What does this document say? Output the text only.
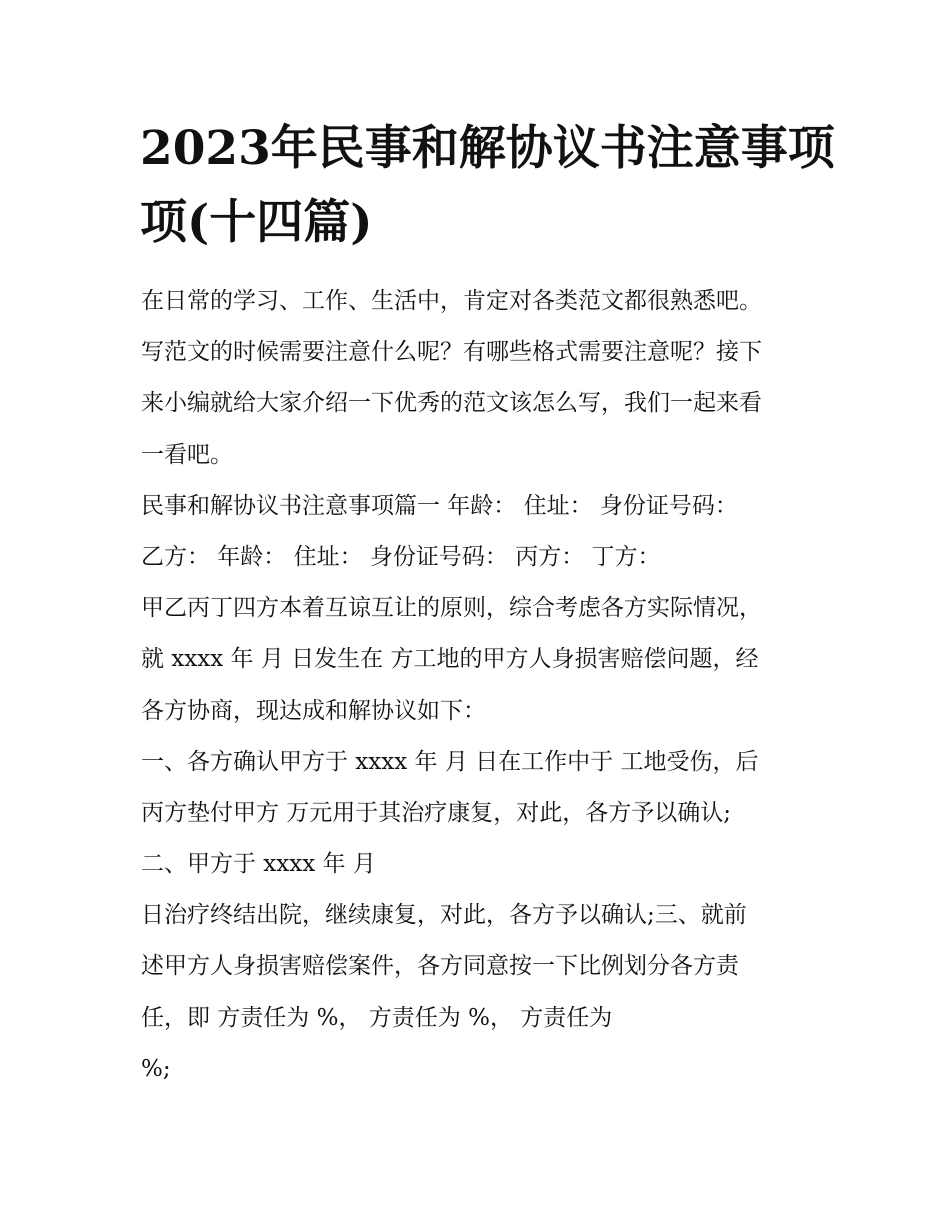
2023年民事和解协议书注意事项
项(十四篇)
在日常的学习、工作、生活中，肯定对各类范文都很熟悉吧。
写范文的时候需要注意什么呢？有哪些格式需要注意呢？接下
来小编就给大家介绍一下优秀的范文该怎么写，我们一起来看
一看吧。
民事和解协议书注意事项篇一 年龄： 住址： 身份证号码：
乙方： 年龄： 住址： 身份证号码： 丙方： 丁方：
甲乙丙丁四方本着互谅互让的原则，综合考虑各方实际情况，
就 xxxx 年 月 日发生在 方工地的甲方人身损害赔偿问题，经
各方协商，现达成和解协议如下：
一、各方确认甲方于 xxxx 年 月 日在工作中于 工地受伤，后
丙方垫付甲方 万元用于其治疗康复，对此，各方予以确认;
二、甲方于 xxxx 年 月
日治疗终结出院，继续康复，对此，各方予以确认;三、就前
述甲方人身损害赔偿案件，各方同意按一下比例划分各方责
任，即 方责任为 %， 方责任为 %， 方责任为
%;
